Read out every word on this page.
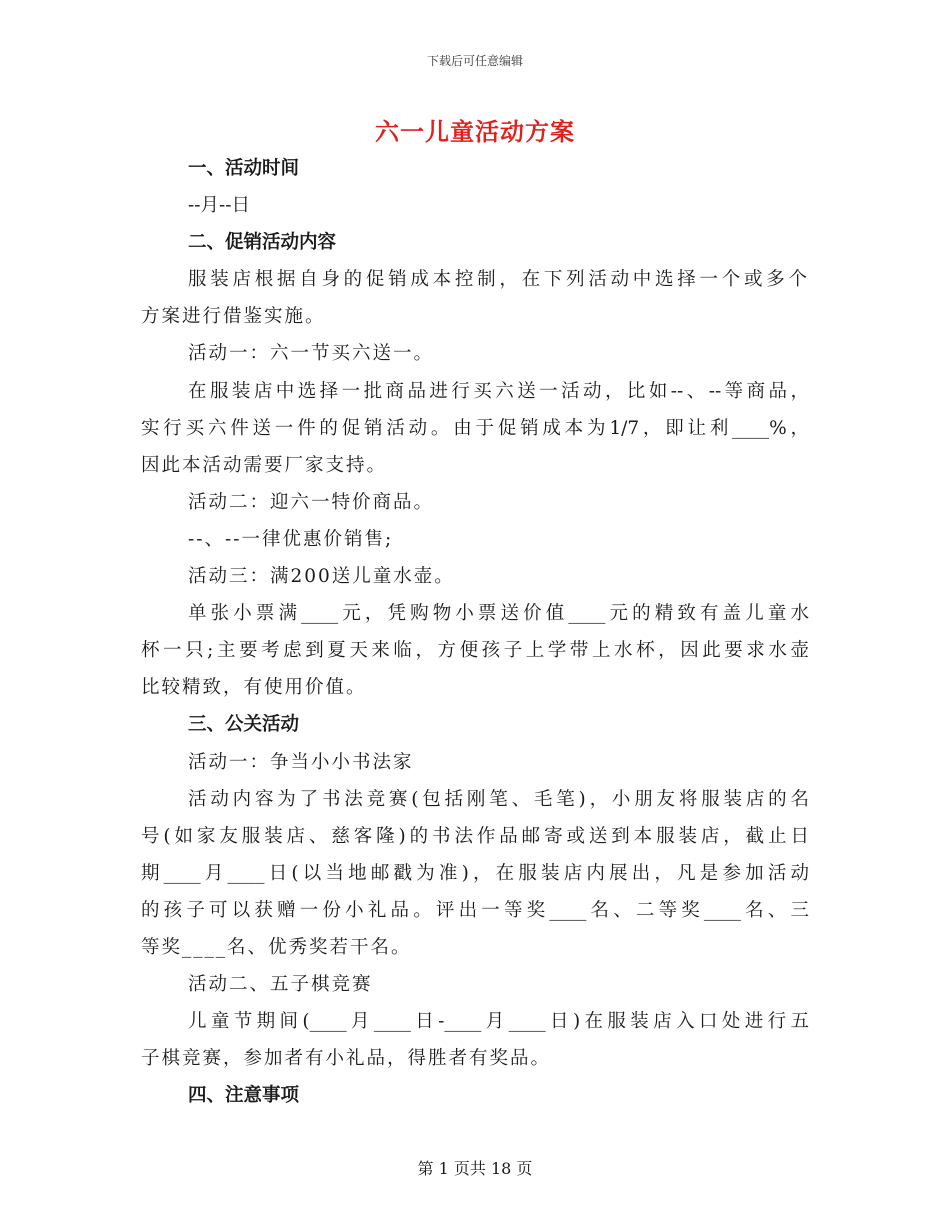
下载后可任意编辑
六一儿童活动方案
一、活动时间
--月--日
二、促销活动内容
服装店根据自身的促销成本控制，在下列活动中选择一个或多个
方案进行借鉴实施。
活动一：六一节买六送一。
在服装店中选择一批商品进行买六送一活动，比如--、--等商品，
实行买六件送一件的促销活动。由于促销成本为1/7，即让利____%，
因此本活动需要厂家支持。
活动二：迎六一特价商品。
--、--一律优惠价销售;
活动三：满200送儿童水壶。
单张小票满____元，凭购物小票送价值____元的精致有盖儿童水
杯一只;主要考虑到夏天来临，方便孩子上学带上水杯，因此要求水壶
比较精致，有使用价值。
三、公关活动
活动一：争当小小书法家
活动内容为了书法竞赛(包括刚笔、毛笔)，小朋友将服装店的名
号(如家友服装店、慈客隆)的书法作品邮寄或送到本服装店，截止日
期____月____日(以当地邮戳为准)，在服装店内展出，凡是参加活动
的孩子可以获赠一份小礼品。评出一等奖____名、二等奖____名、三
等奖____名、优秀奖若干名。
活动二、五子棋竞赛
儿童节期间(____月____日-____月____日)在服装店入口处进行五
子棋竞赛，参加者有小礼品，得胜者有奖品。
四、注意事项
第 1 页共 18 页
